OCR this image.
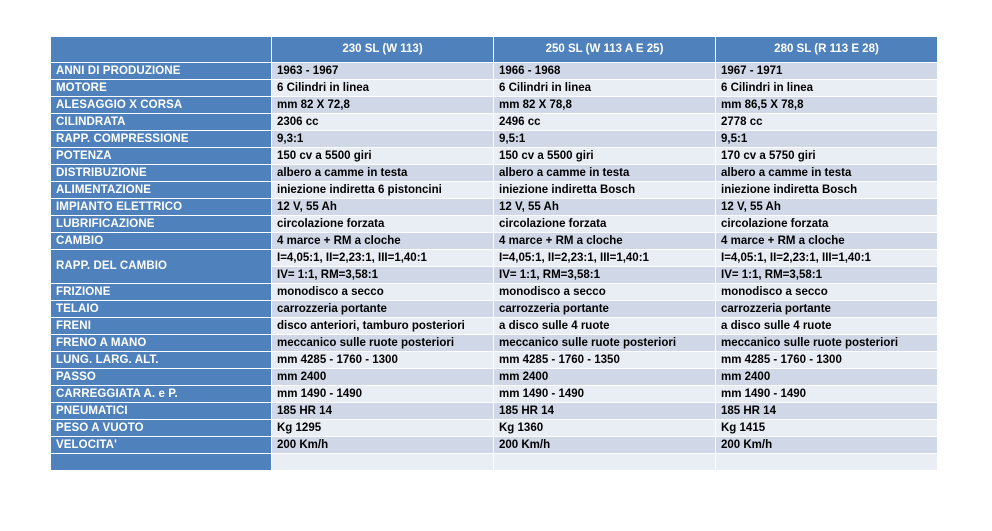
	230 SL (W 113)	250 SL (W 113 A E 25)	280 SL (R 113 E 28)
ANNI DI PRODUZIONE	1963 - 1967	1966 - 1968	1967 - 1971
MOTORE	6 Cilindri in linea	6 Cilindri in linea	6 Cilindri in linea
ALESAGGIO X CORSA	mm 82 X 72,8	mm 82 X 78,8	mm 86,5 X 78,8
CILINDRATA	2306 cc	2496 cc	2778 cc
RAPP. COMPRESSIONE	9,3:1	9,5:1	9,5:1
POTENZA	150 cv a 5500 giri	150 cv a 5500 giri	170 cv a 5750 giri
DISTRIBUZIONE	albero a camme in testa	albero a camme in testa	albero a camme in testa
ALIMENTAZIONE	iniezione indiretta 6 pistoncini	iniezione indiretta Bosch	iniezione indiretta Bosch
IMPIANTO ELETTRICO	12 V, 55 Ah	12 V, 55 Ah	12 V, 55 Ah
LUBRIFICAZIONE	circolazione forzata	circolazione forzata	circolazione forzata
CAMBIO	4 marce + RM a cloche	4 marce + RM a cloche	4 marce + RM a cloche
RAPP. DEL CAMBIO	I=4,05:1, II=2,23:1, III=1,40:1	I=4,05:1, II=2,23:1, III=1,40:1	I=4,05:1, II=2,23:1, III=1,40:1
	IV= 1:1, RM=3,58:1	IV= 1:1, RM=3,58:1	IV= 1:1, RM=3,58:1
FRIZIONE	monodisco a secco	monodisco a secco	monodisco a secco
TELAIO	carrozzeria portante	carrozzeria portante	carrozzeria portante
FRENI	disco anteriori, tamburo posteriori	a disco sulle 4 ruote	a disco sulle 4 ruote
FRENO A MANO	meccanico sulle ruote posteriori	meccanico sulle ruote posteriori	meccanico sulle ruote posteriori
LUNG. LARG. ALT.	mm 4285 - 1760 - 1300	mm 4285 - 1760 - 1350	mm 4285 - 1760 - 1300
PASSO	mm 2400	mm 2400	mm 2400
CARREGGIATA A. e P.	mm 1490 - 1490	mm 1490 - 1490	mm 1490 - 1490
PNEUMATICI	185 HR 14	185 HR 14	185 HR 14
PESO A VUOTO	Kg 1295	Kg 1360	Kg 1415
VELOCITA'	200 Km/h	200 Km/h	200 Km/h
